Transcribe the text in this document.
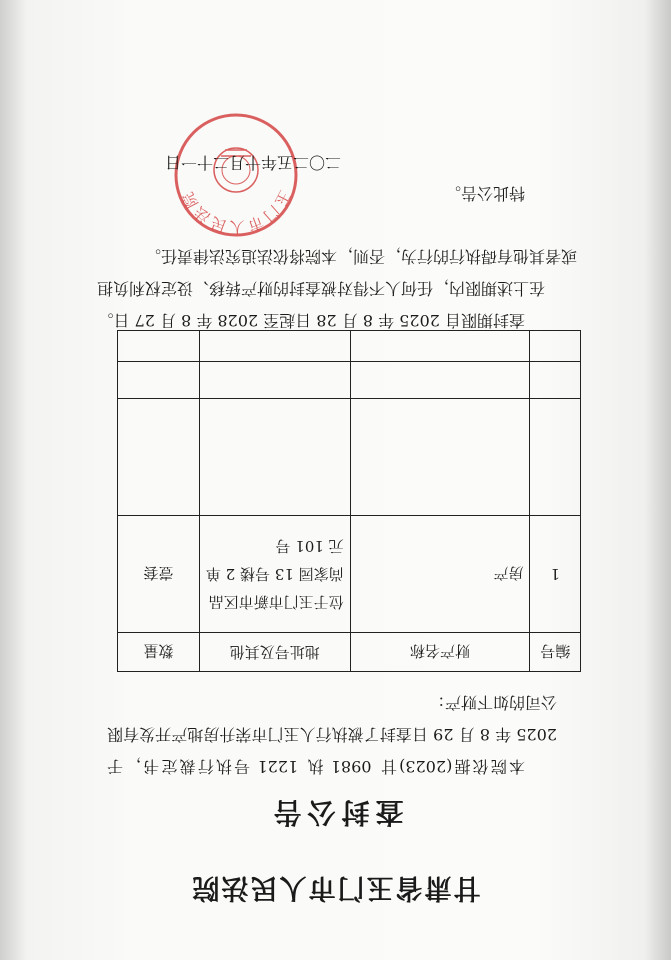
甘肃省玉门市人民法院
查封公告
本院依据(2023)甘 0981 执 1221 号执行裁定书，于 2025 年 8 月 29 日查封了被执行人玉门市荣升房地产开发有限公司的如下财产：
编号	财产名称	地址号及其他	数量
1	房产	位于玉门市新市区品尚家园 13 号楼 2 单元 101 号	壹套

查封期限自 2025 年 8 月 28 日起至 2028 年 8 月 27 日。
在上述期限内，任何人不得对被查封的财产转移、设定权利负担或者其他有碍执行的行为，否则，本院将依法追究法律责任。
特此公告。
玉门市人民法院
二〇二五年十月二十一日
